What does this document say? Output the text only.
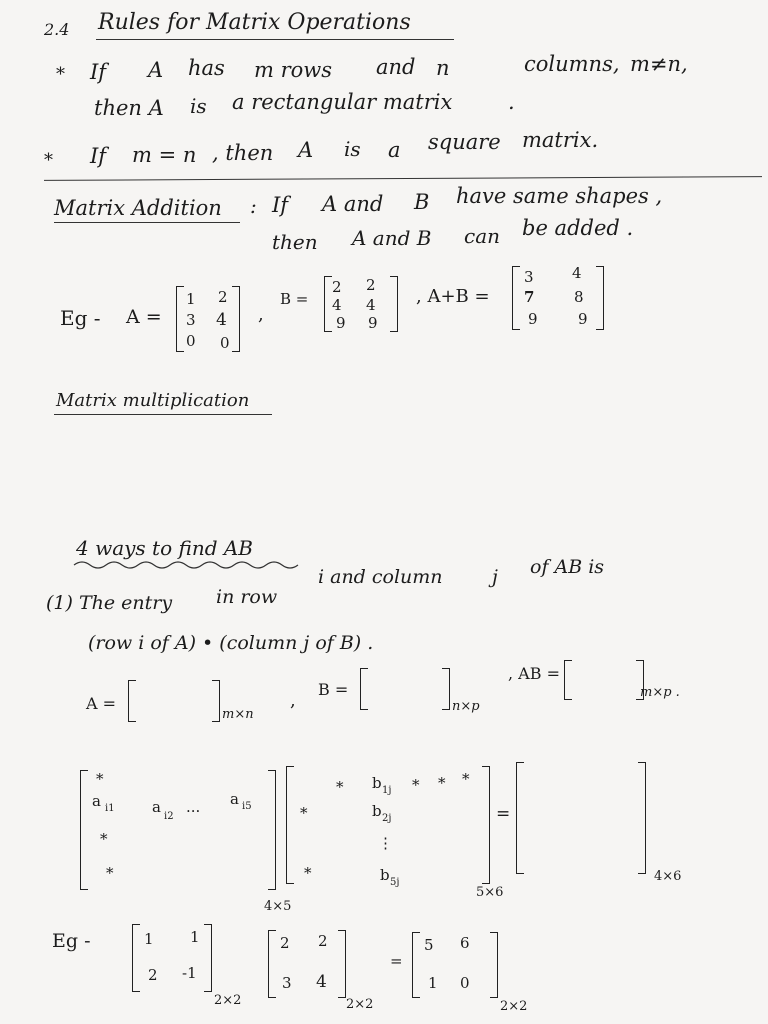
2.4 Rules for Matrix Operations
* If A has m rows and n	columns, m≠n,
then A is a rectangular matrix	.
* If m = n , then A is a square matrix.
Matrix Addition : If A and B have same shapes ,
then A and B can be added .
Eg - A =
1 2
3 4
0 0
,
B =
2 2
4 4
9 9
, A+B =
3	4
7	8
9	9
Matrix multiplication
4 ways to find AB
(1) The entry in row
i and column	j of AB is
(row i of A) • (column j of B) .
A =
m×n
,
B =
n×p
, AB =
m×p .
*
a i1 a
i2
... a i5
*
*
*
* b 1j * * *
b 2j
⋮
b 5j
*
=
4×5
5×6
4×6
Eg -	1 1
2 -1
2×2
2 2
3 4
2×2
=
5 6
1 0
2×2
